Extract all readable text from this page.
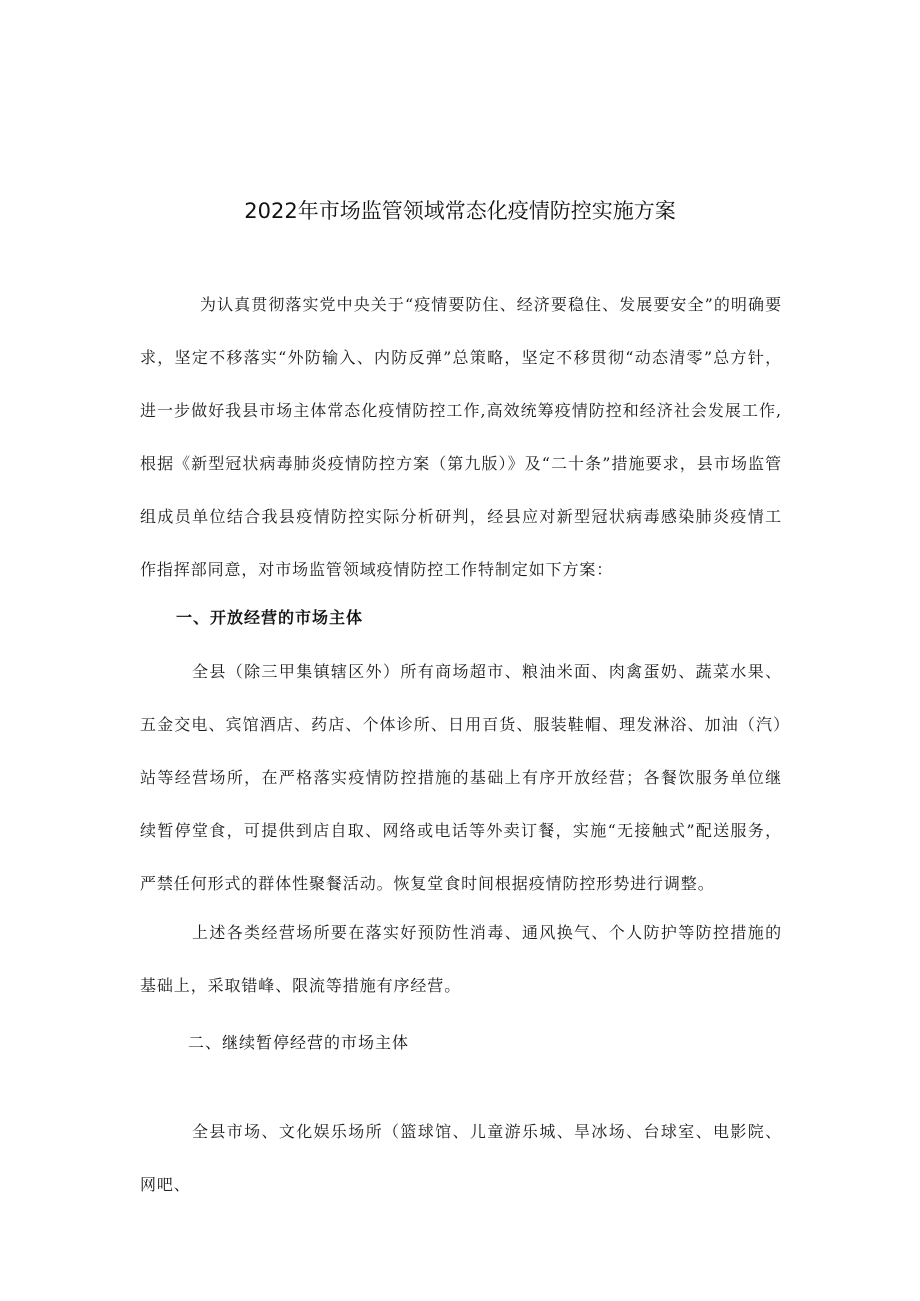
2022年市场监管领域常态化疫情防控实施方案

为认真贯彻落实党中央关于“疫情要防住、经济要稳住、发展要安全”的明确要求，坚定不移落实“外防输入、内防反弹”总策略，坚定不移贯彻“动态清零”总方针，进一步做好我县市场主体常态化疫情防控工作,高效统筹疫情防控和经济社会发展工作,根据《新型冠状病毒肺炎疫情防控方案（第九版）》及“二十条”措施要求，县市场监管组成员单位结合我县疫情防控实际分析研判，经县应对新型冠状病毒感染肺炎疫情工作指挥部同意，对市场监管领域疫情防控工作特制定如下方案：

一、开放经营的市场主体

全县（除三甲集镇辖区外）所有商场超市、粮油米面、肉禽蛋奶、蔬菜水果、五金交电、宾馆酒店、药店、个体诊所、日用百货、服装鞋帽、理发淋浴、加油（汽）站等经营场所，在严格落实疫情防控措施的基础上有序开放经营；各餐饮服务单位继续暂停堂食，可提供到店自取、网络或电话等外卖订餐，实施“无接触式”配送服务，严禁任何形式的群体性聚餐活动。恢复堂食时间根据疫情防控形势进行调整。

上述各类经营场所要在落实好预防性消毒、通风换气、个人防护等防控措施的基础上，采取错峰、限流等措施有序经营。

二、继续暂停经营的市场主体

全县市场、文化娱乐场所（篮球馆、儿童游乐城、旱冰场、台球室、电影院、网吧、
